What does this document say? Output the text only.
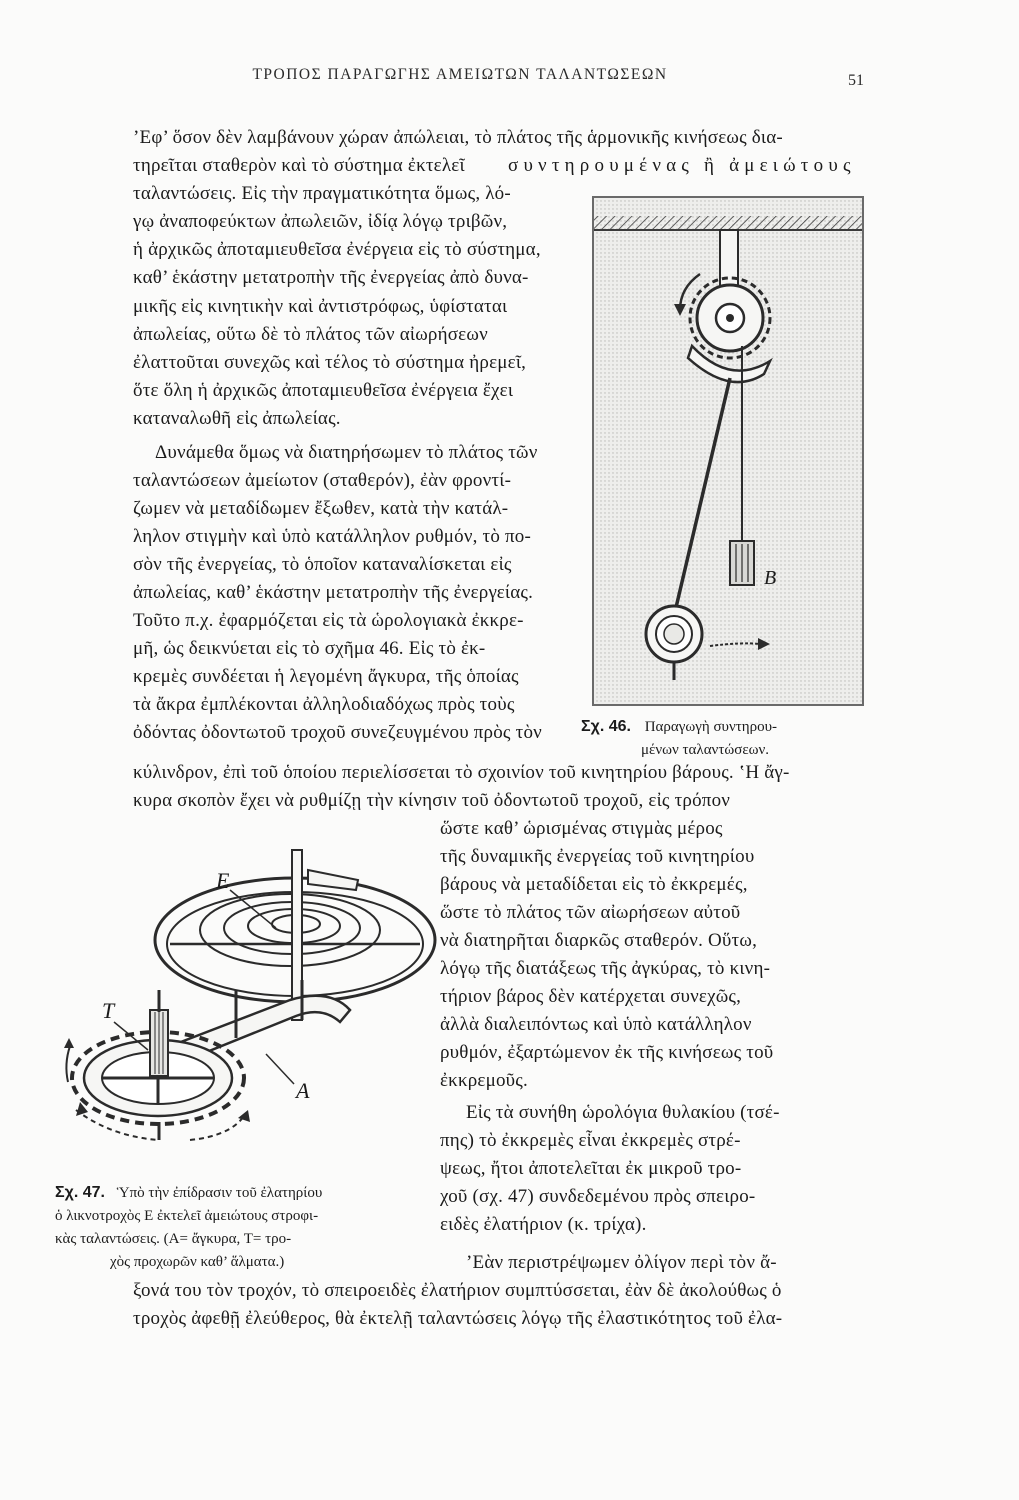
ΤΡΟΠΟΣ ΠΑΡΑΓΩΓΗΣ ΑΜΕΙΩΤΩΝ ΤΑΛΑΝΤΩΣΕΩΝ	51
’Εφ’ ὅσον δὲν λαμβάνουν χώραν ἀπώλειαι, τὸ πλάτος τῆς ἁρμονικῆς κινήσεως δια-
τηρεῖται σταθερὸν καὶ τὸ σύστημα ἐκτελεῖ συντηρουμένας ἢ ἀμειώτους
ταλαντώσεις. Εἰς τὴν πραγματικότητα ὅμως, λό-
γῳ ἀναποφεύκτων ἀπωλειῶν, ἰδίᾳ λόγῳ τριβῶν,
ἡ ἀρχικῶς ἀποταμιευθεῖσα ἐνέργεια εἰς τὸ σύστημα,
καθ’ ἑκάστην μετατροπὴν τῆς ἐνεργείας ἀπὸ δυνα-
μικῆς εἰς κινητικὴν καὶ ἀντιστρόφως, ὑφίσταται
ἀπωλείας, οὕτω δὲ τὸ πλάτος τῶν αἰωρήσεων
ἐλαττοῦται συνεχῶς καὶ τέλος τὸ σύστημα ἠρεμεῖ,
ὅτε ὅλη ἡ ἀρχικῶς ἀποταμιευθεῖσα ἐνέργεια ἔχει
καταναλωθῆ εἰς ἀπωλείας.
Δυνάμεθα ὅμως νὰ διατηρήσωμεν τὸ πλάτος τῶν
ταλαντώσεων ἀμείωτον (σταθερόν), ἐὰν φροντί-
ζωμεν νὰ μεταδίδωμεν ἔξωθεν, κατὰ τὴν κατάλ-
ληλον στιγμὴν καὶ ὑπὸ κατάλληλον ρυθμόν, τὸ πο-
σὸν τῆς ἐνεργείας, τὸ ὁποῖον καταναλίσκεται εἰς
ἀπωλείας, καθ’ ἑκάστην μετατροπὴν τῆς ἐνεργείας.
Τοῦτο π.χ. ἐφαρμόζεται εἰς τὰ ὡρολογιακὰ ἐκκρε-
μῆ, ὡς δεικνύεται εἰς τὸ σχῆμα 46. Εἰς τὸ ἐκ-
κρεμὲς συνδέεται ἡ λεγομένη ἄγκυρα, τῆς ὁποίας
τὰ ἄκρα ἐμπλέκονται ἀλληλοδιαδόχως πρὸς τοὺς
ὀδόντας ὀδοντωτοῦ τροχοῦ συνεζευγμένου πρὸς τὸν
κύλινδρον, ἐπὶ τοῦ ὁποίου περιελίσσεται τὸ σχοινίον τοῦ κινητηρίου βάρους. ‛Η ἄγ-
κυρα σκοπὸν ἔχει νὰ ρυθμίζῃ τὴν κίνησιν τοῦ ὀδοντωτοῦ τροχοῦ, εἰς τρόπον
ὥστε καθ’ ὡρισμένας στιγμὰς μέρος
τῆς δυναμικῆς ἐνεργείας τοῦ κινητηρίου
βάρους νὰ μεταδίδεται εἰς τὸ ἐκκρεμές,
ὥστε τὸ πλάτος τῶν αἰωρήσεων αὐτοῦ
νὰ διατηρῆται διαρκῶς σταθερόν. Οὕτω,
λόγῳ τῆς διατάξεως τῆς ἀγκύρας, τὸ κινη-
τήριον βάρος δὲν κατέρχεται συνεχῶς,
ἀλλὰ διαλειπόντως καὶ ὑπὸ κατάλληλον
ρυθμόν, ἐξαρτώμενον ἐκ τῆς κινήσεως τοῦ
ἐκκρεμοῦς.
Εἰς τὰ συνήθη ὡρολόγια θυλακίου (τσέ-
πης) τὸ ἐκκρεμὲς εἶναι ἐκκρεμὲς στρέ-
ψεως, ἤτοι ἀποτελεῖται ἐκ μικροῦ τρο-
χοῦ (σχ. 47) συνδεδεμένου πρὸς σπειρο-
ειδὲς ἐλατήριον (κ. τρίχα).
’Εὰν περιστρέψωμεν ὀλίγον περὶ τὸν ἄ-
ξονά του τὸν τροχόν, τὸ σπειροειδὲς ἐλατήριον συμπτύσσεται, ἐὰν δὲ ἀκολούθως ὁ
τροχὸς ἀφεθῇ ἐλεύθερος, θὰ ἐκτελῇ ταλαντώσεις λόγῳ τῆς ἐλαστικότητος τοῦ ἐλα-
B
Σχ. 46. Παραγωγὴ συντηρου-
μένων ταλαντώσεων.
E
A
T
Σχ. 47. Ὑπὸ τὴν ἐπίδρασιν τοῦ ἐλατηρίου
ὁ λικνοτροχὸς Ε ἐκτελεῖ ἀμειώτους στροφι-
κὰς ταλαντώσεις. (Α= ἄγκυρα, Τ= τρο-
χὸς προχωρῶν καθ’ ἅλματα.)
